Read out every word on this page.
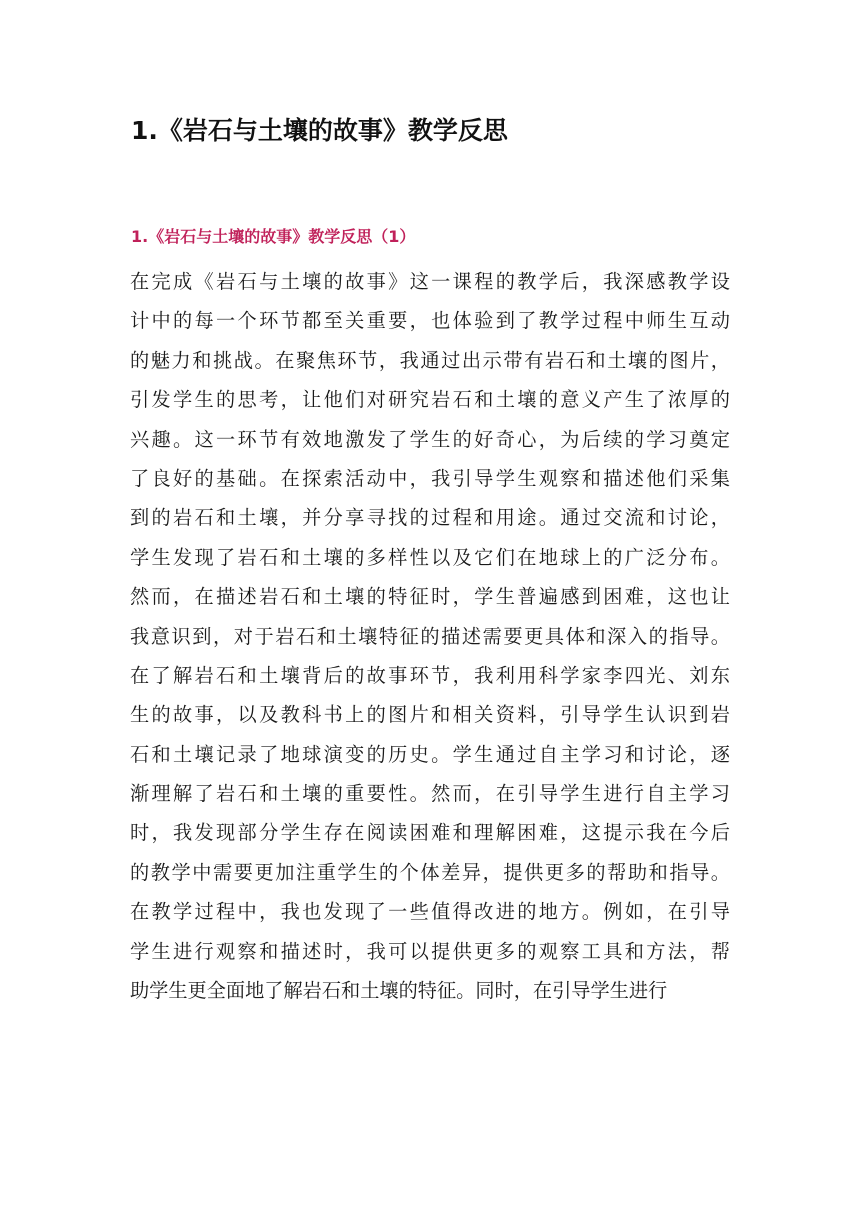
1.《岩石与土壤的故事》教学反思
1.《岩石与土壤的故事》教学反思（1）
在完成《岩石与土壤的故事》这一课程的教学后，我深感教学设
计中的每一个环节都至关重要，也体验到了教学过程中师生互动
的魅力和挑战。在聚焦环节，我通过出示带有岩石和土壤的图片，
引发学生的思考，让他们对研究岩石和土壤的意义产生了浓厚的
兴趣。这一环节有效地激发了学生的好奇心，为后续的学习奠定
了良好的基础。在探索活动中，我引导学生观察和描述他们采集
到的岩石和土壤，并分享寻找的过程和用途。通过交流和讨论，
学生发现了岩石和土壤的多样性以及它们在地球上的广泛分布。
然而，在描述岩石和土壤的特征时，学生普遍感到困难，这也让
我意识到，对于岩石和土壤特征的描述需要更具体和深入的指导。
在了解岩石和土壤背后的故事环节，我利用科学家李四光、刘东
生的故事，以及教科书上的图片和相关资料，引导学生认识到岩
石和土壤记录了地球演变的历史。学生通过自主学习和讨论，逐
渐理解了岩石和土壤的重要性。然而，在引导学生进行自主学习
时，我发现部分学生存在阅读困难和理解困难，这提示我在今后
的教学中需要更加注重学生的个体差异，提供更多的帮助和指导。
在教学过程中，我也发现了一些值得改进的地方。例如，在引导
学生进行观察和描述时，我可以提供更多的观察工具和方法，帮
助学生更全面地了解岩石和土壤的特征。同时，在引导学生进行
